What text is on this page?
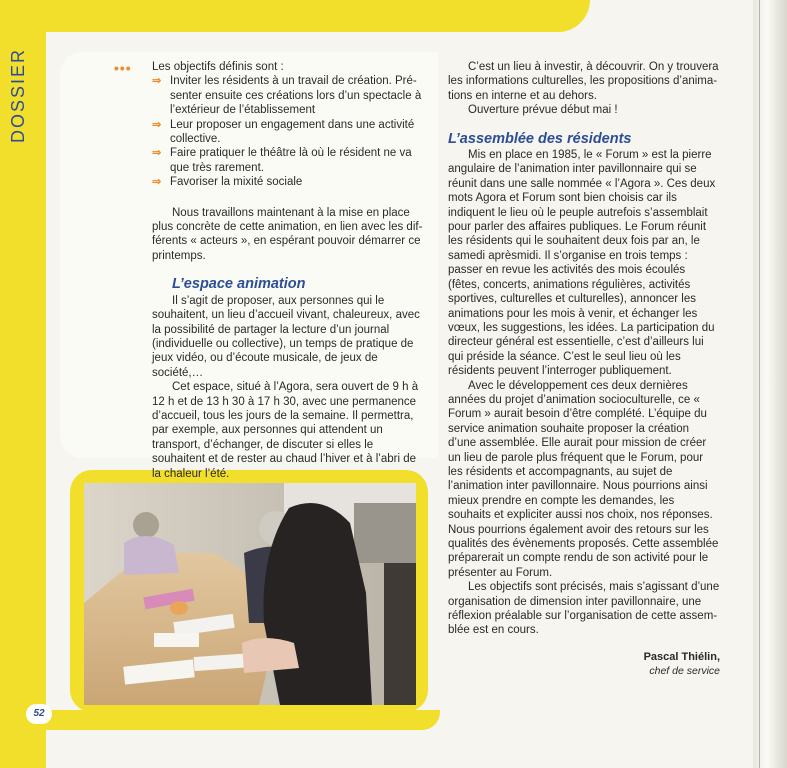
DOSSIER
52
••• Les objectifs définis sont :

⇒ Inviter les résidents à un travail de création. Présenter ensuite ces créations lors d’un spectacle à l’extérieur de l’établissement
⇒ Leur proposer un engagement dans une activité collective.
⇒ Faire pratiquer le théâtre là où le résident ne va que très rarement.
⇒ Favoriser la mixité sociale

Nous travaillons maintenant à la mise en place plus concrète de cette animation, en lien avec les différents « acteurs », en espérant pouvoir démarrer ce printemps.

L’espace animation

Il s’agit de proposer, aux personnes qui le souhaitent, un lieu d’accueil vivant, chaleureux, avec la possibilité de partager la lecture d’un journal (individuelle ou collective), un temps de pratique de jeux vidéo, ou d’écoute musicale, de jeux de société,…

Cet espace, situé à l’Agora, sera ouvert de 9 h à 12 h et de 13 h 30 à 17 h 30, avec une permanence d’accueil, tous les jours de la semaine. Il permettra, par exemple, aux personnes qui attendent un transport, d’échanger, de discuter si elles le souhaitent et de rester au chaud l’hiver et à l’abri de la chaleur l’été.

C’est un lieu à investir, à découvrir. On y trouvera les informations culturelles, les propositions d’animations en interne et au dehors.

Ouverture prévue début mai !

L’assemblée des résidents

Mis en place en 1985, le « Forum » est la pierre angulaire de l’animation inter pavillonnaire qui se réunit dans une salle nommée « l’Agora ». Ces deux mots Agora et Forum sont bien choisis car ils indiquent le lieu où le peuple autrefois s’assemblait pour parler des affaires publiques. Le Forum réunit les résidents qui le souhaitent deux fois par an, le samedi aprèsmidi. Il s’organise en trois temps : passer en revue les activités des mois écoulés (fêtes, concerts, animations régulières, activités sportives, culturelles et culturelles), annoncer les animations pour les mois à venir, et échanger les vœux, les suggestions, les idées. La participation du directeur général est essentielle, c’est d’ailleurs lui qui préside la séance. C’est le seul lieu où les résidents peuvent l’interroger publiquement.

Avec le développement ces deux dernières années du projet d’animation socioculturelle, ce « Forum » aurait besoin d’être complété. L’équipe du service animation souhaite proposer la création d’une assemblée. Elle aurait pour mission de créer un lieu de parole plus fréquent que le Forum, pour les résidents et accompagnants, au sujet de l’animation inter pavillonnaire. Nous pourrions ainsi mieux prendre en compte les demandes, les souhaits et expliciter aussi nos choix, nos réponses. Nous pourrions également avoir des retours sur les qualités des évènements proposés. Cette assemblée préparerait un compte rendu de son activité pour le présenter au Forum.

Les objectifs sont précisés, mais s’agissant d’une organisation de dimension inter pavillonnaire, une réflexion préalable sur l’organisation de cette assemblée est en cours.

Pascal Thiélin,
chef de service
